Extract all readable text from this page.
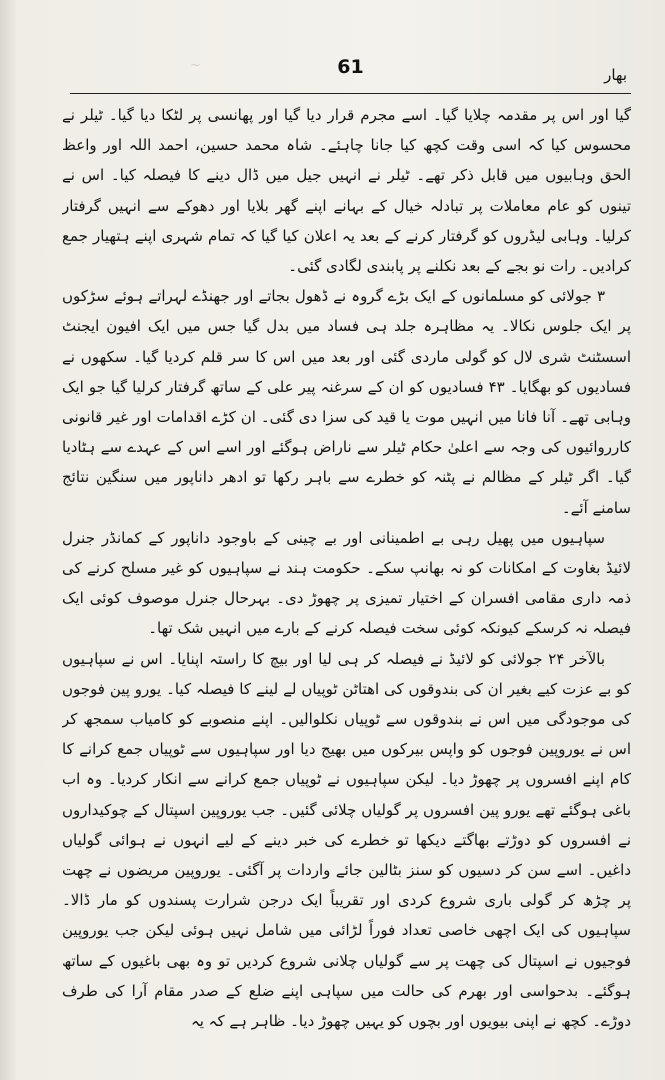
~	61	بھار

گیا اور اس پر مقدمہ چلایا گیا۔ اسے مجرم قرار دیا گیا اور پھانسی پر لٹکا دیا گیا۔ ٹیلر نے محسوس کیا کہ اسی وقت کچھ کیا جانا چاہئے۔ شاہ محمد حسین، احمد اللہ اور واعظ الحق وہابیوں میں قابل ذکر تھے۔ ٹیلر نے انہیں جیل میں ڈال دینے کا فیصلہ کیا۔ اس نے تینوں کو عام معاملات پر تبادلہ خیال کے بہانے اپنے گھر بلایا اور دھوکے سے انہیں گرفتار کرلیا۔ وہابی لیڈروں کو گرفتار کرنے کے بعد یہ اعلان کیا گیا کہ تمام شہری اپنے ہتھیار جمع کرادیں۔ رات نو بجے کے بعد نکلنے پر پابندی لگادی گئی۔

۳ جولائی کو مسلمانوں کے ایک بڑے گروہ نے ڈھول بجاتے اور جھنڈے لہراتے ہوئے سڑکوں پر ایک جلوس نکالا۔ یہ مظاہرہ جلد ہی فساد میں بدل گیا جس میں ایک افیون ایجنٹ اسسٹنٹ شری لال کو گولی ماردی گئی اور بعد میں اس کا سر قلم کردیا گیا۔ سکھوں نے فسادیوں کو بھگایا۔ ۴۳ فسادیوں کو ان کے سرغنہ پیر علی کے ساتھ گرفتار کرلیا گیا جو ایک وہابی تھے۔ آنا فانا میں انہیں موت یا قید کی سزا دی گئی۔ ان کڑے اقدامات اور غیر قانونی کارروائیوں کی وجہ سے اعلیٰ حکام ٹیلر سے ناراض ہوگئے اور اسے اس کے عہدے سے ہٹادیا گیا۔ اگر ٹیلر کے مظالم نے پٹنہ کو خطرے سے باہر رکھا تو ادھر داناپور میں سنگین نتائج سامنے آئے۔

سپاہیوں میں پھیل رہی بے اطمینانی اور بے چینی کے باوجود داناپور کے کمانڈر جنرل لائیڈ بغاوت کے امکانات کو نہ بھانپ سکے۔ حکومت ہند نے سپاہیوں کو غیر مسلح کرنے کی ذمہ داری مقامی افسران کے اختیار تمیزی پر چھوڑ دی۔ بہرحال جنرل موصوف کوئی ایک فیصلہ نہ کرسکے کیونکہ کوئی سخت فیصلہ کرنے کے بارے میں انہیں شک تھا۔

بالآخر ۲۴ جولائی کو لائیڈ نے فیصلہ کر ہی لیا اور بیچ کا راستہ اپنایا۔ اس نے سپاہیوں کو بے عزت کیے بغیر ان کی بندوقوں کی اھتاٹن ٹوپیاں لے لینے کا فیصلہ کیا۔ یورو پین فوجوں کی موجودگی میں اس نے بندوقوں سے ٹوپیاں نکلوالیں۔ اپنے منصوبے کو کامیاب سمجھ کر اس نے یوروپین فوجوں کو واپس بیرکوں میں بھیج دیا اور سپاہیوں سے ٹوپیاں جمع کرانے کا کام اپنے افسروں پر چھوڑ دیا۔ لیکن سپاہیوں نے ٹوپیاں جمع کرانے سے انکار کردیا۔ وہ اب باغی ہوگئے تھے یورو پین افسروں پر گولیاں چلائی گئیں۔ جب یوروپین اسپتال کے چوکیداروں نے افسروں کو دوڑتے بھاگتے دیکھا تو خطرے کی خبر دینے کے لیے انہوں نے ہوائی گولیاں داغیں۔ اسے سن کر دسیوں کو سنز بٹالین جائے واردات پر آگئی۔ یوروپین مریضوں نے چھت پر چڑھ کر گولی باری شروع کردی اور تقریباً ایک درجن شرارت پسندوں کو مار ڈالا۔ سپاہیوں کی ایک اچھی خاصی تعداد فوراً لڑائی میں شامل نہیں ہوئی لیکن جب یوروپین فوجیوں نے اسپتال کی چھت پر سے گولیاں چلانی شروع کردیں تو وہ بھی باغیوں کے ساتھ ہوگئے۔ بدحواسی اور بھرم کی حالت میں سپاہی اپنے ضلع کے صدر مقام آرا کی طرف دوڑے۔ کچھ نے اپنی بیویوں اور بچوں کو یہیں چھوڑ دیا۔ ظاہر ہے کہ یہ
